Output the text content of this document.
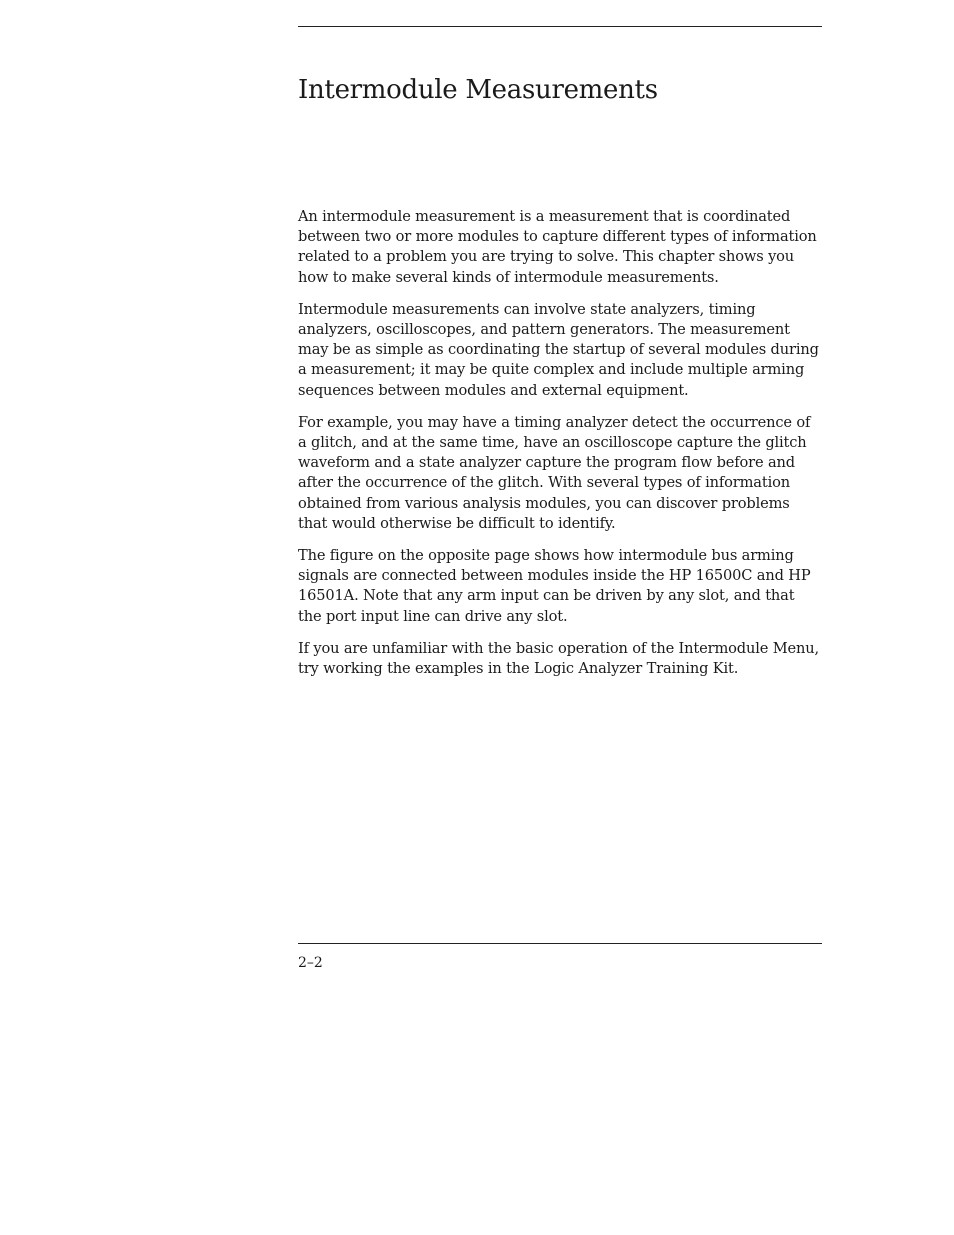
Intermodule Measurements

An intermodule measurement is a measurement that is coordinated between two or more modules to capture different types of information related to a problem you are trying to solve. This chapter shows you how to make several kinds of intermodule measurements.

Intermodule measurements can involve state analyzers, timing analyzers, oscilloscopes, and pattern generators. The measurement may be as simple as coordinating the startup of several modules during a measurement; it may be quite complex and include multiple arming sequences between modules and external equipment.

For example, you may have a timing analyzer detect the occurrence of a glitch, and at the same time, have an oscilloscope capture the glitch waveform and a state analyzer capture the program flow before and after the occurrence of the glitch. With several types of information obtained from various analysis modules, you can discover problems that would otherwise be difficult to identify.

The figure on the opposite page shows how intermodule bus arming signals are connected between modules inside the HP 16500C and HP 16501A. Note that any arm input can be driven by any slot, and that the port input line can drive any slot.

If you are unfamiliar with the basic operation of the Intermodule Menu, try working the examples in the Logic Analyzer Training Kit.

2–2
